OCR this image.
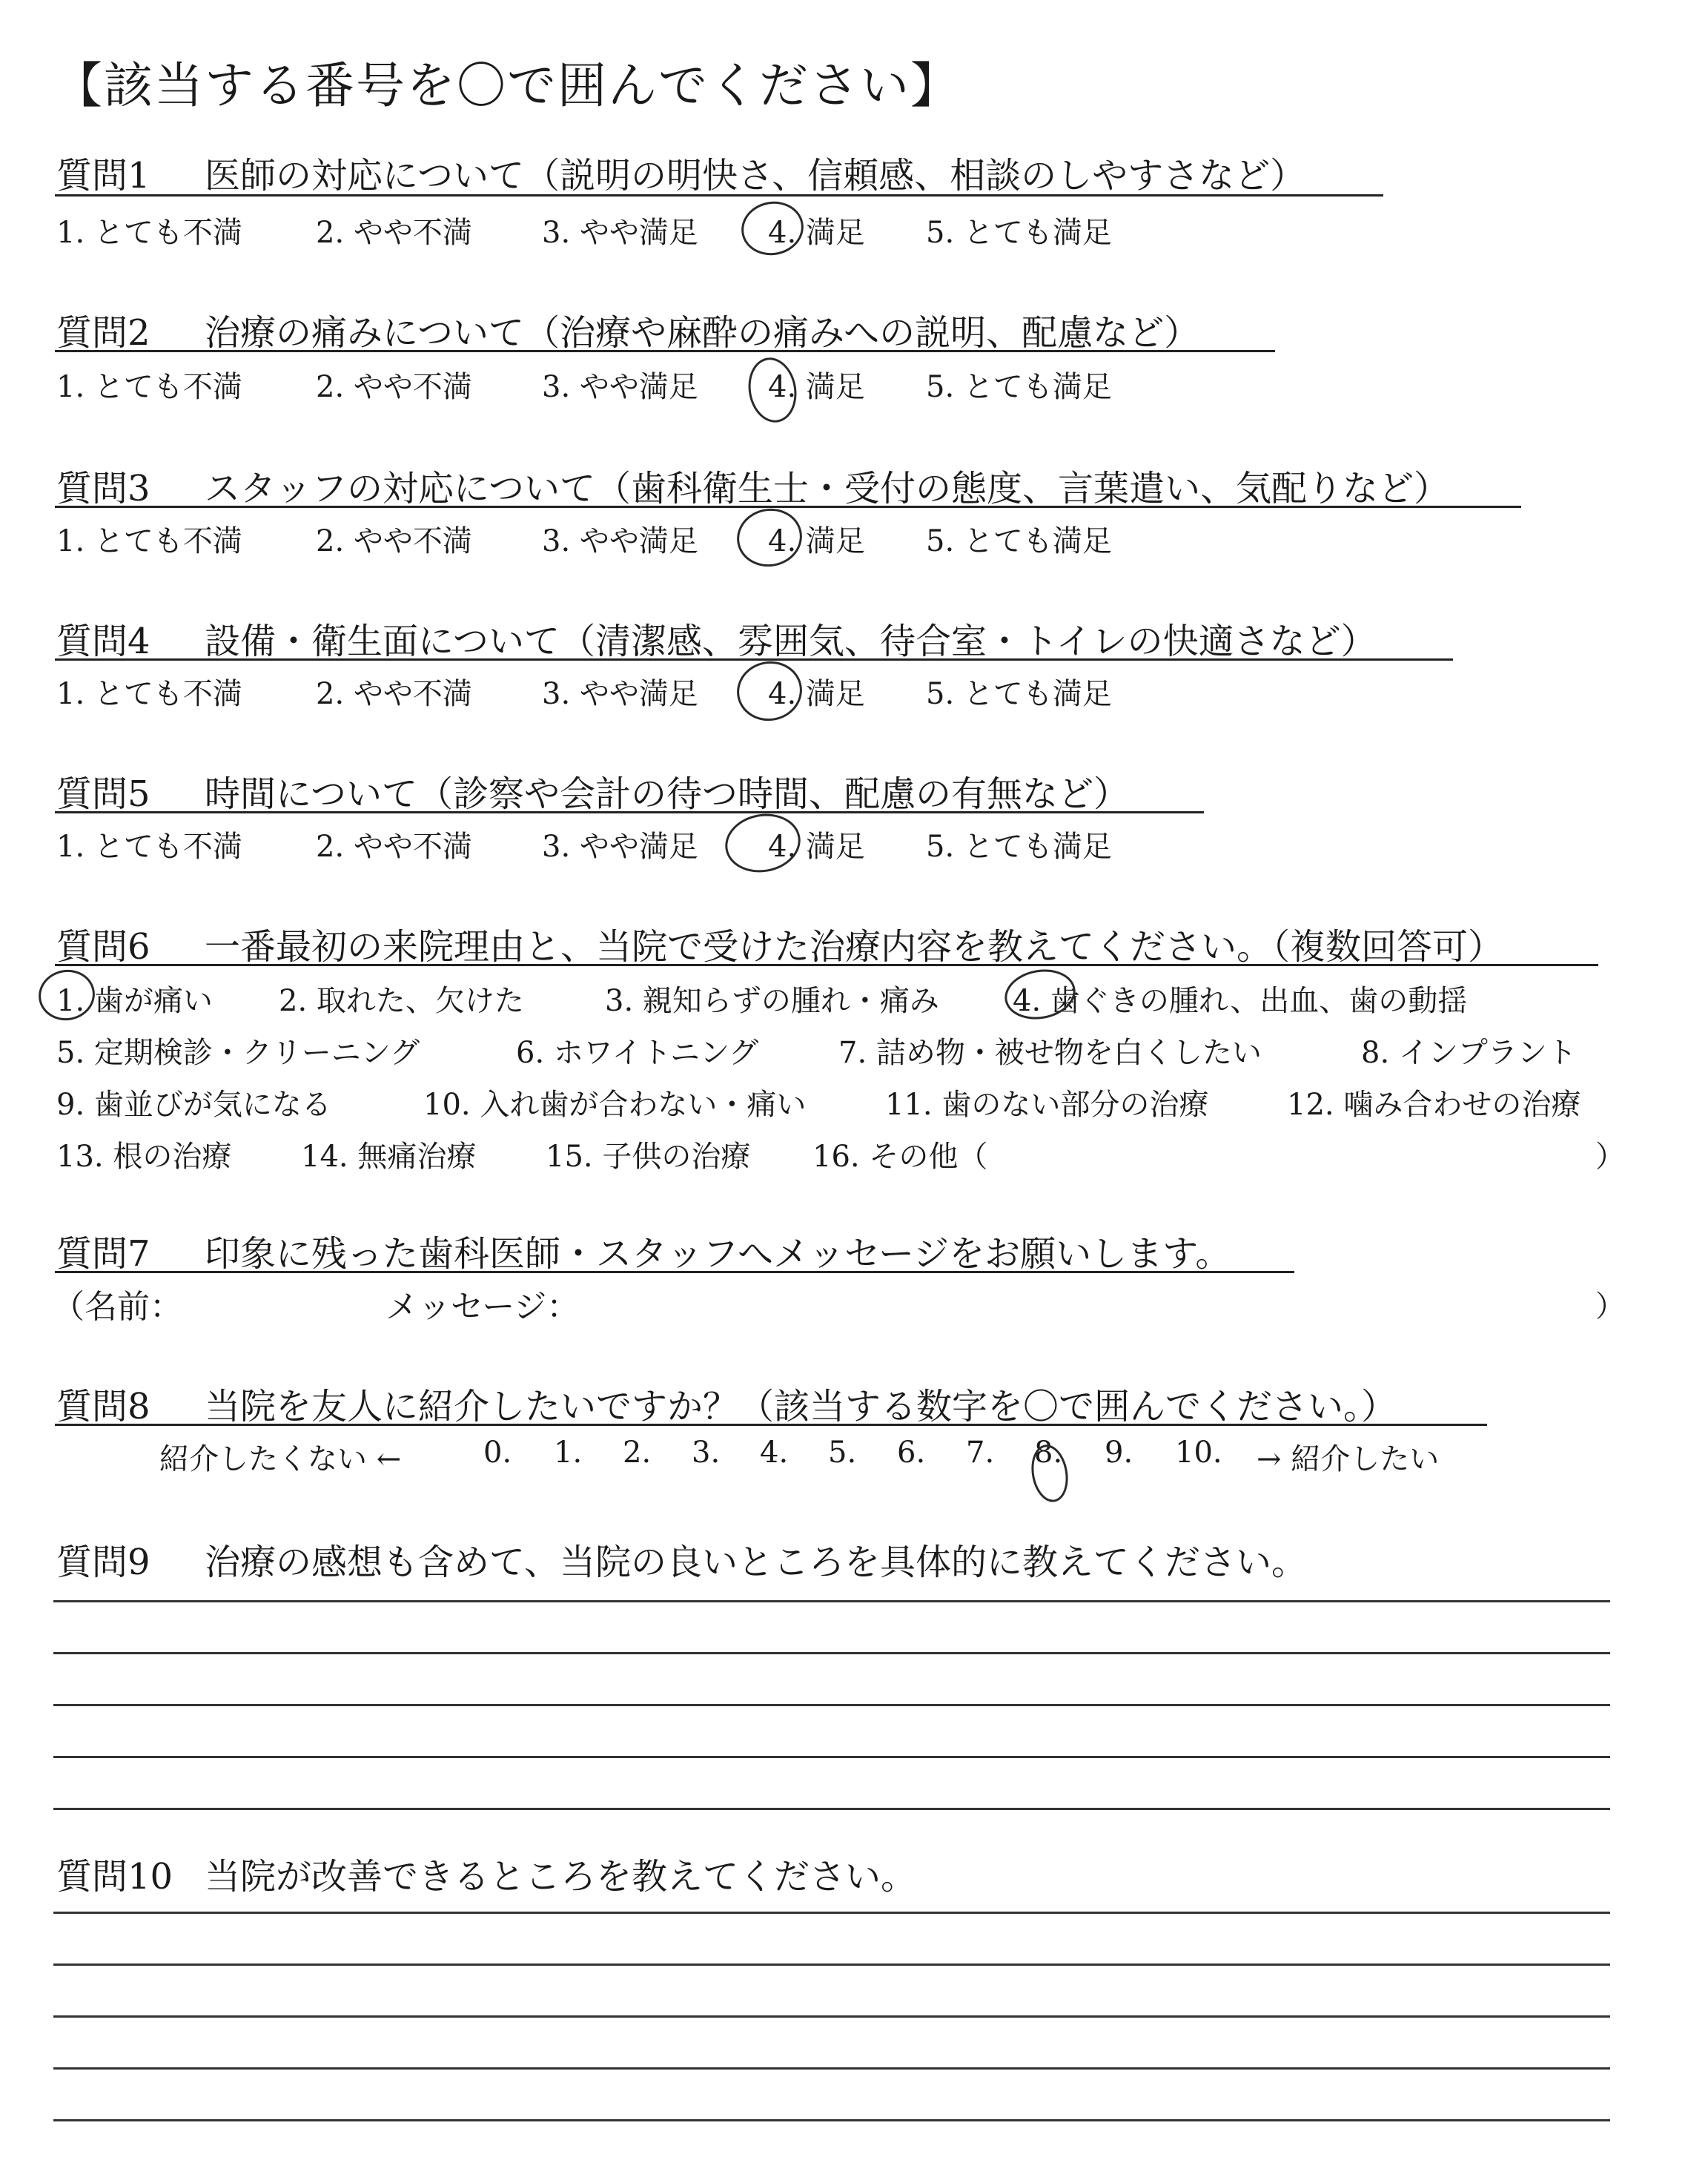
【該当する番号を〇で囲んでください】
質問1 医師の対応について（説明の明快さ、信頼感、相談のしやすさなど）
1. とても不満 2. やや不満 3. やや満足 4. 満足 5. とても満足
質問2 治療の痛みについて（治療や麻酔の痛みへの説明、配慮など）
1. とても不満 2. やや不満 3. やや満足 4. 満足 5. とても満足
質問3 スタッフの対応について（歯科衛生士・受付の態度、言葉遣い、気配りなど）
1. とても不満 2. やや不満 3. やや満足 4. 満足 5. とても満足
質問4 設備・衛生面について（清潔感、雰囲気、待合室・トイレの快適さなど）
1. とても不満 2. やや不満 3. やや満足 4. 満足 5. とても満足
質問5 時間について（診察や会計の待つ時間、配慮の有無など）
1. とても不満 2. やや不満 3. やや満足 4. 満足 5. とても満足
質問6 一番最初の来院理由と、当院で受けた治療内容を教えてください。（複数回答可）
1. 歯が痛い 2. 取れた、欠けた	3. 親知らずの腫れ・痛み 4. 歯ぐきの腫れ、出血、歯の動揺
5. 定期検診・クリーニング	6. ホワイトニング	7. 詰め物・被せ物を白くしたい	8. インプラント
9. 歯並びが気になる	10. 入れ歯が合わない・痛い	11. 歯のない部分の治療	12. 噛み合わせの治療
13. 根の治療 14. 無痛治療 15. 子供の治療 16. その他（	）
質問7 印象に残った歯科医師・スタッフへメッセージをお願いします。
（名前：	メッセージ：	）
質問8 当院を友人に紹介したいですか？（該当する数字を〇で囲んでください。）
紹介したくない ←	0. 1. 2. 3. 4. 5. 6. 7. 8. 9. 10. → 紹介したい
質問9 治療の感想も含めて、当院の良いところを具体的に教えてください。
質問10 当院が改善できるところを教えてください。
